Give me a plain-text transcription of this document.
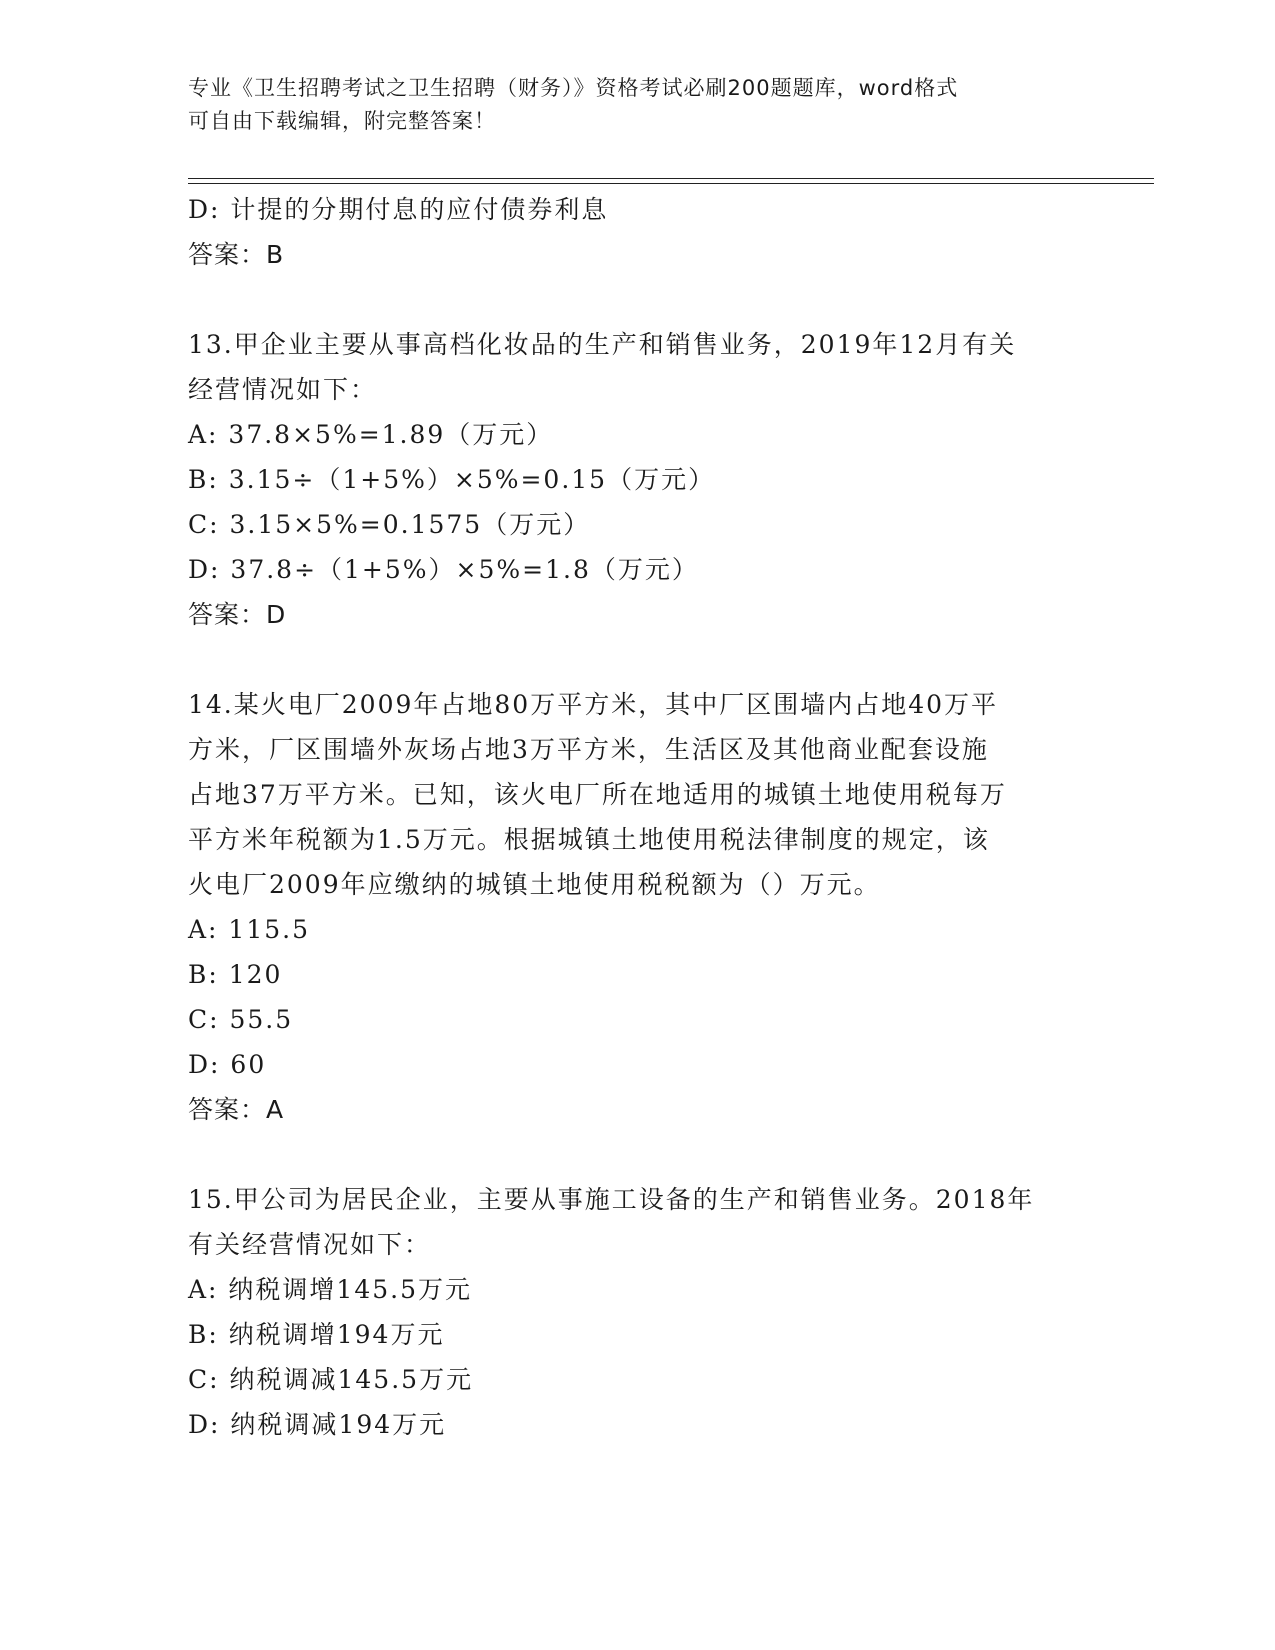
专业《卫生招聘考试之卫生招聘（财务）》资格考试必刷200题题库，word格式
可自由下载编辑，附完整答案！
D: 计提的分期付息的应付债券利息
答案：B
13.甲企业主要从事高档化妆品的生产和销售业务，2019年12月有关
经营情况如下：
A: 37.8×5%=1.89（万元）
B: 3.15÷（1+5%）×5%=0.15（万元）
C: 3.15×5%=0.1575（万元）
D: 37.8÷（1+5%）×5%=1.8（万元）
答案：D
14.某火电厂2009年占地80万平方米，其中厂区围墙内占地40万平
方米，厂区围墙外灰场占地3万平方米，生活区及其他商业配套设施
占地37万平方米。已知，该火电厂所在地适用的城镇土地使用税每万
平方米年税额为1.5万元。根据城镇土地使用税法律制度的规定，该
火电厂2009年应缴纳的城镇土地使用税税额为（）万元。
A: 115.5
B: 120
C: 55.5
D: 60
答案：A
15.甲公司为居民企业，主要从事施工设备的生产和销售业务。2018年
有关经营情况如下：
A: 纳税调增145.5万元
B: 纳税调增194万元
C: 纳税调减145.5万元
D: 纳税调减194万元
